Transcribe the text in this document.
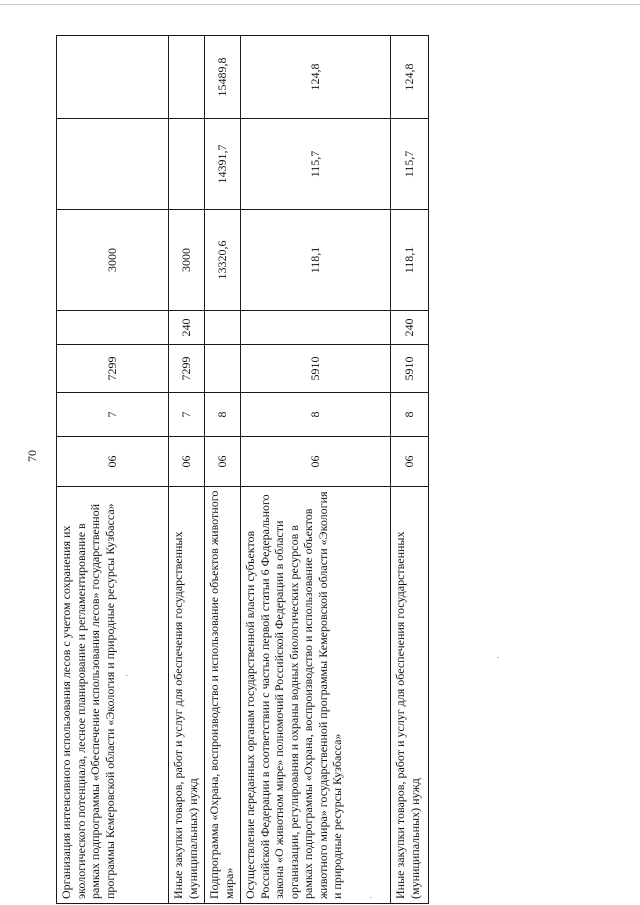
70
Организация интенсивного использования лесов с учетом сохранения их экологического потенциала, лесное планирование и регламентирование в рамках подпрограммы «Обеспечение использования лесов» государственной программы Кемеровской области «Экология и природные ресурсы Кузбасса»	06	7	7299		3000		
Иные закупки товаров, работ и услуг для обеспечения государственных (муниципальных) нужд	06	7	7299	240	3000		
Подпрограмма «Охрана, воспроизводство и использование объектов животного мира»	06	8			13320,6	14391,7	15489,8
Осуществление переданных органам государственной власти субъектов Российской Федерации в соответствии с частью первой статьи 6 Федерального закона «О животном мире» полномочий Российской Федерации в области организации, регулирования и охраны водных биологических ресурсов в рамках подпрограммы «Охрана, воспроизводство и использование объектов животного мира» государственной программы Кемеровской области «Экология и природные ресурсы Кузбасса»	06	8	5910		118,1	115,7	124,8
Иные закупки товаров, работ и услуг для обеспечения государственных (муниципальных) нужд	06	8	5910	240	118,1	115,7	124,8
